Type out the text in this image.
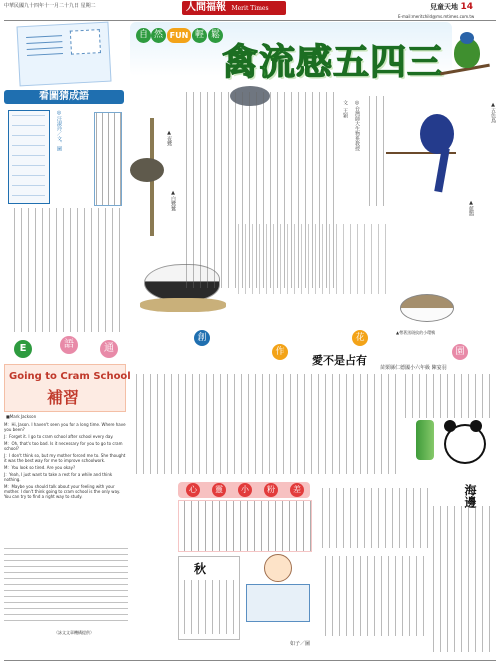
中華民國九十四年十一月二十九日 星期二	人間福報 Merit Times	兒童天地 14
E-mail:meritchild@ms.mtimes.com.tw
看圖猜成語
◎汪淑玲／文、圖
自 然 FUN 輕 鬆
禽流感五四三
▲五色鳥
▲藍鵲
▲夜鷺
▲白鷺鷥
▲帶著黑斑紋的小環鴨
◎台灣師大生物系教授
文  王穎
E	語	通
Going to Cram School
補習
■Mark Jackson
M：Hi, Jason. I haven't seen you for a long time. Where have you been?
J：Forget it. I go to cram school after school every day.
M：Oh, that's too bad. Is it necessary for you to go to cram school?
J：I don't think so, but my mother forced me to. She thought it was the best way for me to improve schoolwork.
M：You look so tired. Are you okay?
J：Yeah, I just want to take a rest for a while and think nothing.
M：Maybe you should talk about your feeling with your mother. I don't think going to cram school is the only way. You can try to find a right way to study.
（詠文文章機構提供）
創
作
花
園
愛不是占有
苗栗縣仁德國小六年級 陳宴羽
心	靈	小	粉	差	海邊
秋
如子／圖
